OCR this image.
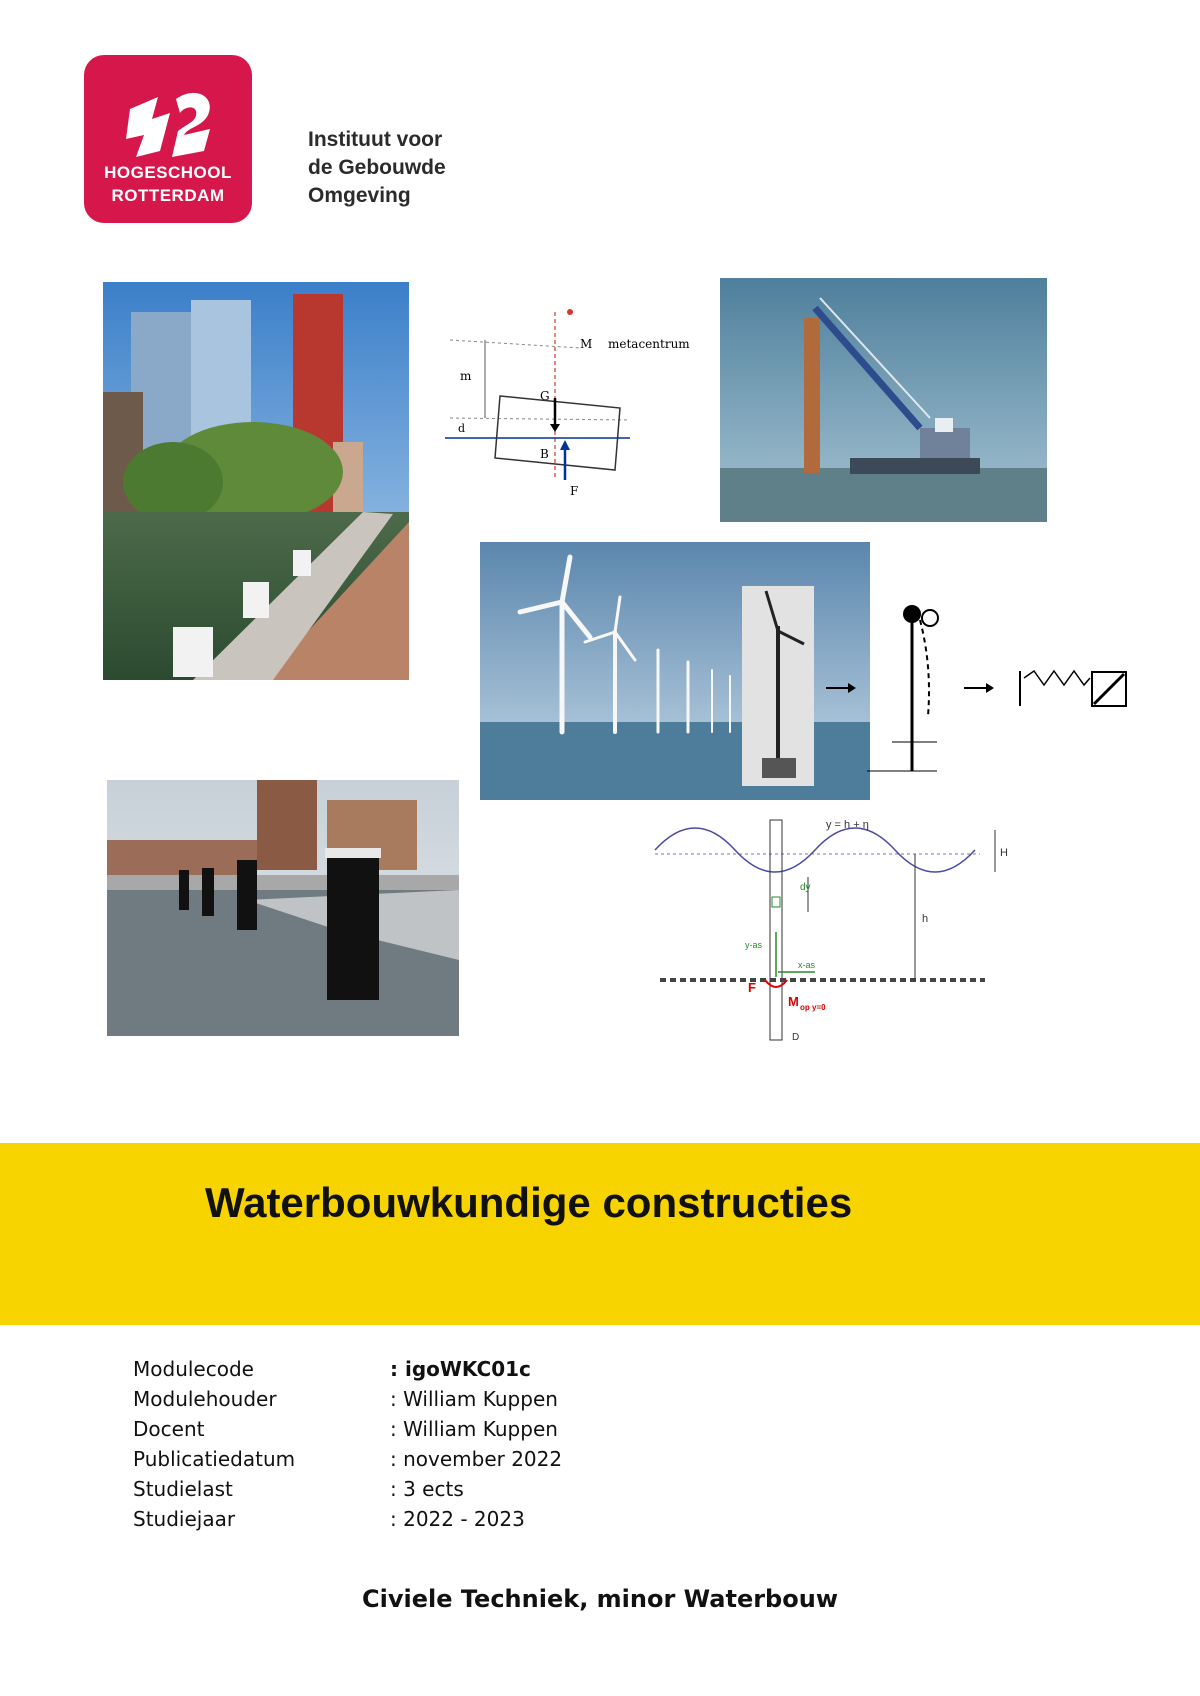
HOGESCHOOL
ROTTERDAM
Instituut voor
de Gebouwde
Omgeving
M metacentrum
m
G
B
F
d
y = h + η
H
h
dy
y-as
x-as
F
M op y=0
D
Waterbouwkundige constructies
Modulecode	: igoWKC01c
Modulehouder	: William Kuppen
Docent	: William Kuppen
Publicatiedatum	: november 2022
Studielast	: 3 ects
Studiejaar	: 2022 - 2023
Civiele Techniek, minor Waterbouw
